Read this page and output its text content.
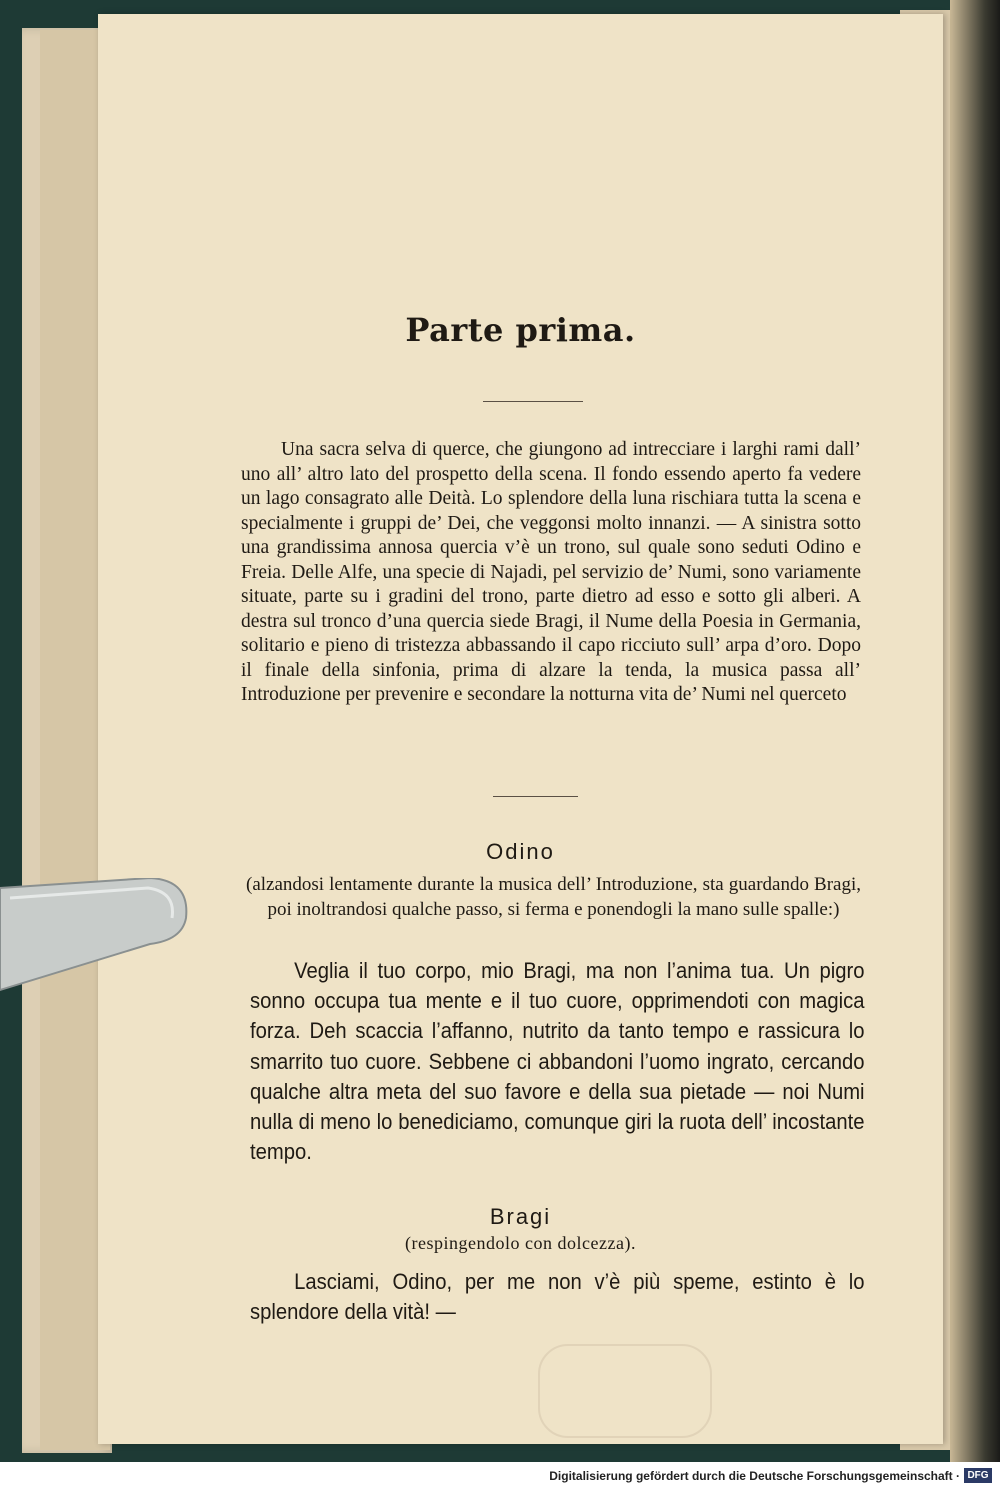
Parte prima.
Una sacra selva di querce, che giungono ad intrecciare i larghi rami dall’ uno all’ altro lato del prospetto della scena. Il fondo essendo aperto fa vedere un lago consagrato alle Deità. Lo splendore della luna rischiara tutta la scena e specialmente i gruppi de’ Dei, che veggonsi molto innanzi. — A sinistra sotto una grandissima annosa quercia v’è un trono, sul quale sono seduti Odino e Freia. Delle Alfe, una specie di Najadi, pel servizio de’ Numi, sono variamente situate, parte su i gradini del trono, parte dietro ad esso e sotto gli alberi. A destra sul tronco d’una quercia siede Bragi, il Nume della Poesia in Germania, solitario e pieno di tristezza abbassando il capo ricciuto sull’ arpa d’oro. Dopo il finale della sinfonia, prima di alzare la tenda, la musica passa all’ Introduzione per prevenire e secondare la notturna vita de’ Numi nel querceto
Odino
(alzandosi lentamente durante la musica dell’ Introduzione, sta guardando Bragi, poi inoltrandosi qualche passo, si ferma e ponendogli la mano sulle spalle:)
Veglia il tuo corpo, mio Bragi, ma non l’anima tua. Un pigro sonno occupa tua mente e il tuo cuore, opprimendoti con magica forza. Deh scaccia l’affanno, nutrito da tanto tempo e rassicura lo smarrito tuo cuore. Sebbene ci abbandoni l’uomo ingrato, cercando qualche altra meta del suo favore e della sua pietade — noi Numi nulla di meno lo benediciamo, comunque giri la ruota dell’ incostante tempo.
Bragi
(respingendolo con dolcezza).
Lasciami, Odino, per me non v’è più speme, estinto è lo splendore della vità! —
Digitalisierung gefördert durch die Deutsche Forschungsgemeinschaft · DFG
